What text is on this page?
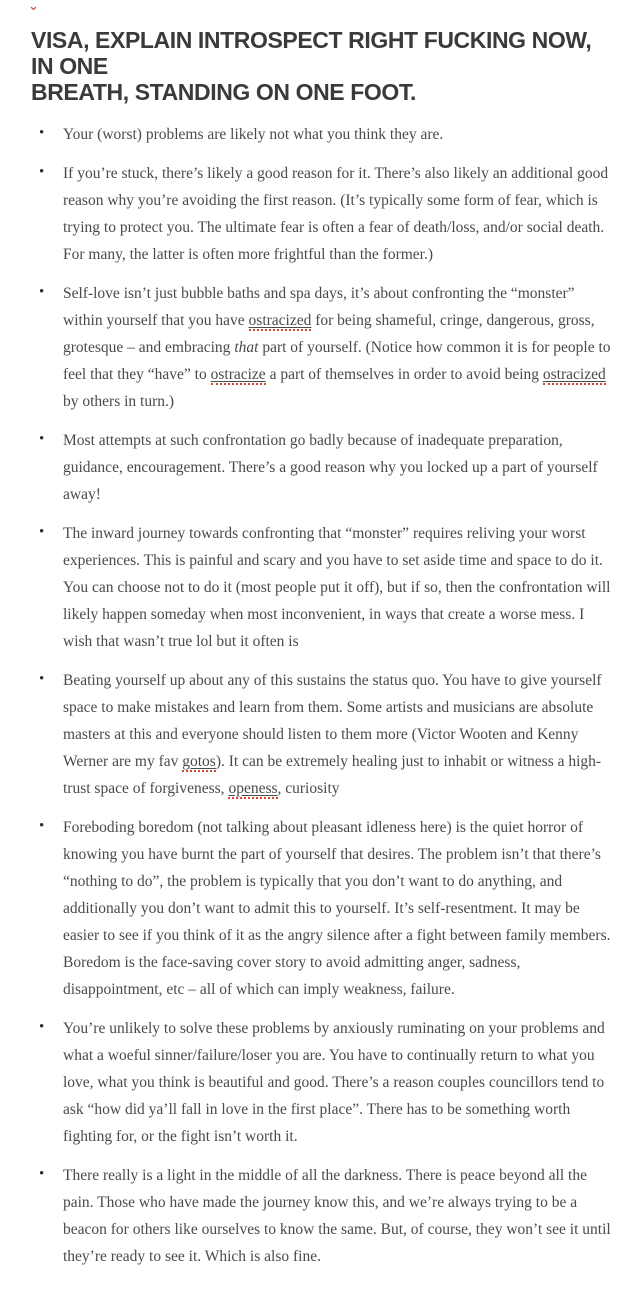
⌄
VISA, EXPLAIN INTROSPECT RIGHT FUCKING NOW, IN ONE
BREATH, STANDING ON ONE FOOT.
• Your (worst) problems are likely not what you think they are.
• If you’re stuck, there’s likely a good reason for it. There’s also likely an additional good reason why you’re avoiding the first reason. (It’s typically some form of fear, which is trying to protect you. The ultimate fear is often a fear of death/loss, and/or social death. For many, the latter is often more frightful than the former.)
• Self-love isn’t just bubble baths and spa days, it’s about confronting the “monster” within yourself that you have ostracized for being shameful, cringe, dangerous, gross, grotesque – and embracing that part of yourself. (Notice how common it is for people to feel that they “have” to ostracize a part of themselves in order to avoid being ostracized by others in turn.)
• Most attempts at such confrontation go badly because of inadequate preparation, guidance, encouragement. There’s a good reason why you locked up a part of yourself away!
• The inward journey towards confronting that “monster” requires reliving your worst experiences. This is painful and scary and you have to set aside time and space to do it. You can choose not to do it (most people put it off), but if so, then the confrontation will likely happen someday when most inconvenient, in ways that create a worse mess. I wish that wasn’t true lol but it often is
• Beating yourself up about any of this sustains the status quo. You have to give yourself space to make mistakes and learn from them. Some artists and musicians are absolute masters at this and everyone should listen to them more (Victor Wooten and Kenny Werner are my fav gotos). It can be extremely healing just to inhabit or witness a high-trust space of forgiveness, openess, curiosity
• Foreboding boredom (not talking about pleasant idleness here) is the quiet horror of knowing you have burnt the part of yourself that desires. The problem isn’t that there’s “nothing to do”, the problem is typically that you don’t want to do anything, and additionally you don’t want to admit this to yourself. It’s self-resentment. It may be easier to see if you think of it as the angry silence after a fight between family members. Boredom is the face-saving cover story to avoid admitting anger, sadness, disappointment, etc – all of which can imply weakness, failure.
• You’re unlikely to solve these problems by anxiously ruminating on your problems and what a woeful sinner/failure/loser you are. You have to continually return to what you love, what you think is beautiful and good. There’s a reason couples councillors tend to ask “how did ya’ll fall in love in the first place”. There has to be something worth fighting for, or the fight isn’t worth it.
• There really is a light in the middle of all the darkness. There is peace beyond all the pain. Those who have made the journey know this, and we’re always trying to be a beacon for others like ourselves to know the same. But, of course, they won’t see it until they’re ready to see it. Which is also fine.
